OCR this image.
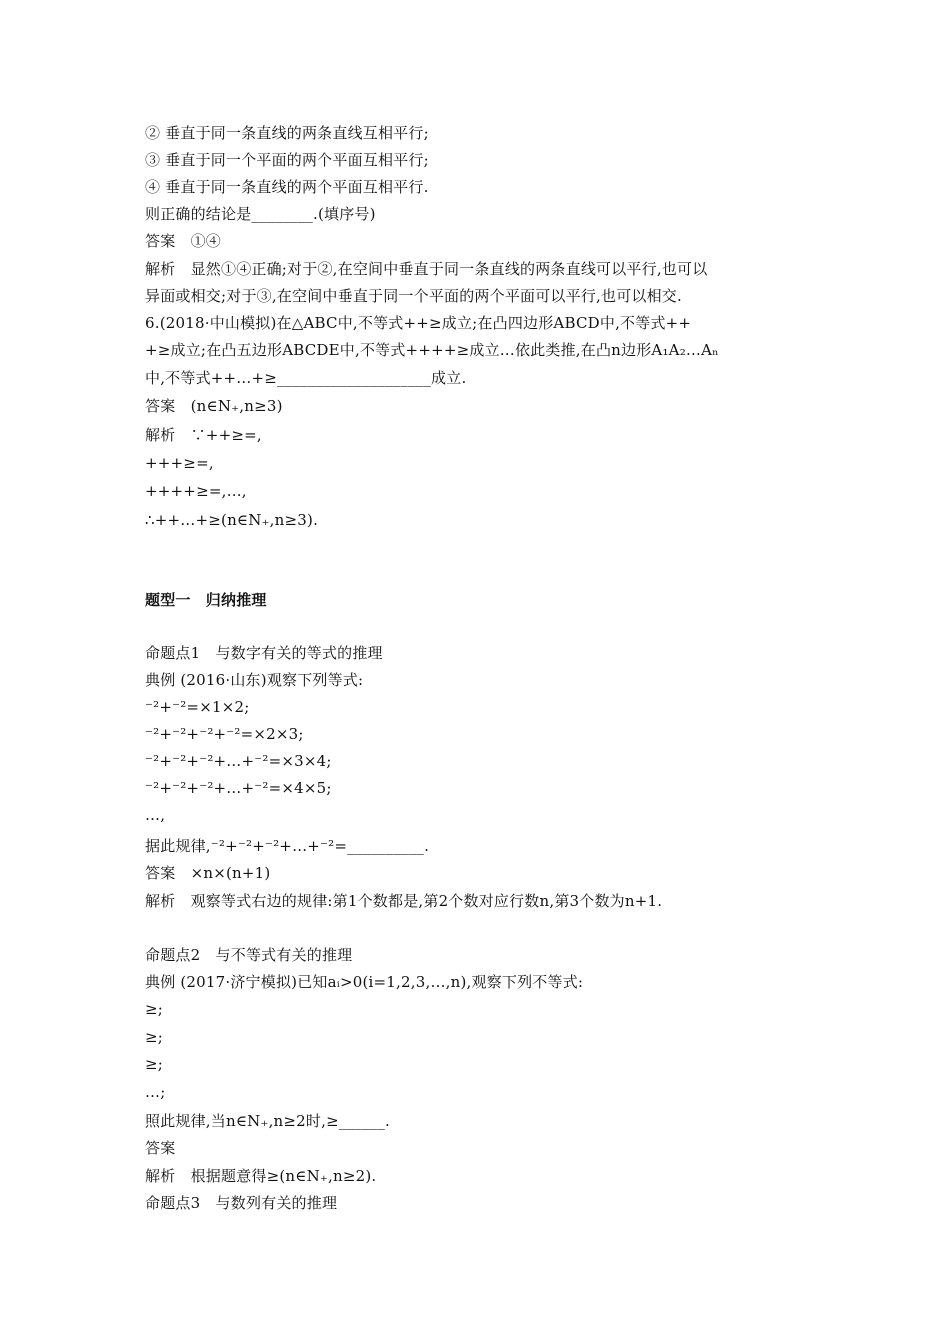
② 垂直于同一条直线的两条直线互相平行;
③ 垂直于同一个平面的两个平面互相平行;
④ 垂直于同一条直线的两个平面互相平行.
则正确的结论是________.(填序号)
答案　①④
解析　显然①④正确;对于②,在空间中垂直于同一条直线的两条直线可以平行,也可以
异面或相交;对于③,在空间中垂直于同一个平面的两个平面可以平行,也可以相交.
6.(2018·中山模拟)在△ABC中,不等式++≥成立;在凸四边形ABCD中,不等式++
+≥成立;在凸五边形ABCDE中,不等式++++≥成立…依此类推,在凸n边形A₁A₂…Aₙ
中,不等式++…+≥____________________成立.
答案　(n∈N₊,n≥3)
解析　∵++≥=,
+++≥=,
++++≥=,…,
∴++…+≥(n∈N₊,n≥3).
题型一　归纳推理
命题点1　与数字有关的等式的推理
典例 (2016·山东)观察下列等式:
⁻²+⁻²=×1×2;
⁻²+⁻²+⁻²+⁻²=×2×3;
⁻²+⁻²+⁻²+…+⁻²=×3×4;
⁻²+⁻²+⁻²+…+⁻²=×4×5;
…,
据此规律,⁻²+⁻²+⁻²+…+⁻²=__________.
答案　×n×(n+1)
解析　观察等式右边的规律:第1个数都是,第2个数对应行数n,第3个数为n+1.
命题点2　与不等式有关的推理
典例 (2017·济宁模拟)已知aᵢ>0(i=1,2,3,…,n),观察下列不等式:
≥;
≥;
≥;
…;
照此规律,当n∈N₊,n≥2时,≥______.
答案
解析　根据题意得≥(n∈N₊,n≥2).
命题点3　与数列有关的推理
